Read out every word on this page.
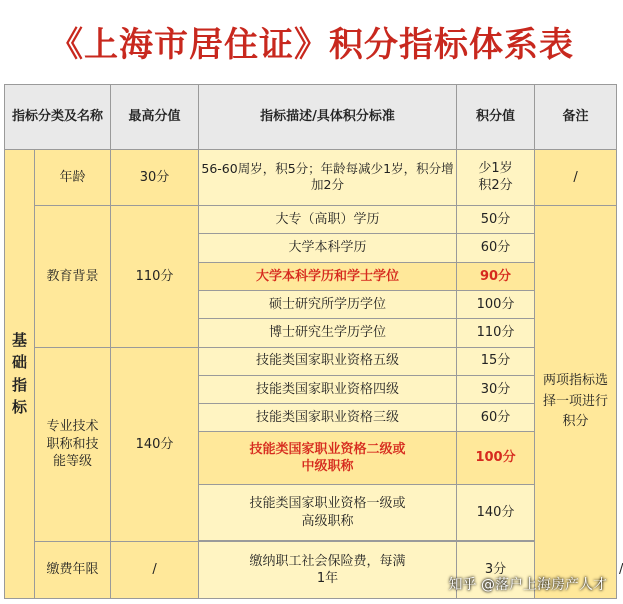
《上海市居住证》积分指标体系表
指标分类及名称		最高分值	指标描述/具体积分标准	积分值	备注	
基础指标	年龄	30分	56-60周岁，积5分；年龄每减少1岁，积分增加2分	少1岁积2分	/	
	教育背景	110分	大专（高职）学历	50分	两项指标选择一项进行积分	
			大学本科学历	60分		
			大学本科学历和学士学位	90分		
			硕士研究所学历学位	100分		
			博士研究生学历学位	110分		
	专业技术职称和技能等级	140分	技能类国家职业资格五级	15分		
			技能类国家职业资格四级	30分		
			技能类国家职业资格三级	60分		
			技能类国家职业资格二级或中级职称	100分		
			技能类国家职业资格一级或高级职称	140分		

	缴费年限	/	缴纳职工社会保险费，每满1年	3分		/
知乎 @落户上海房产人才
